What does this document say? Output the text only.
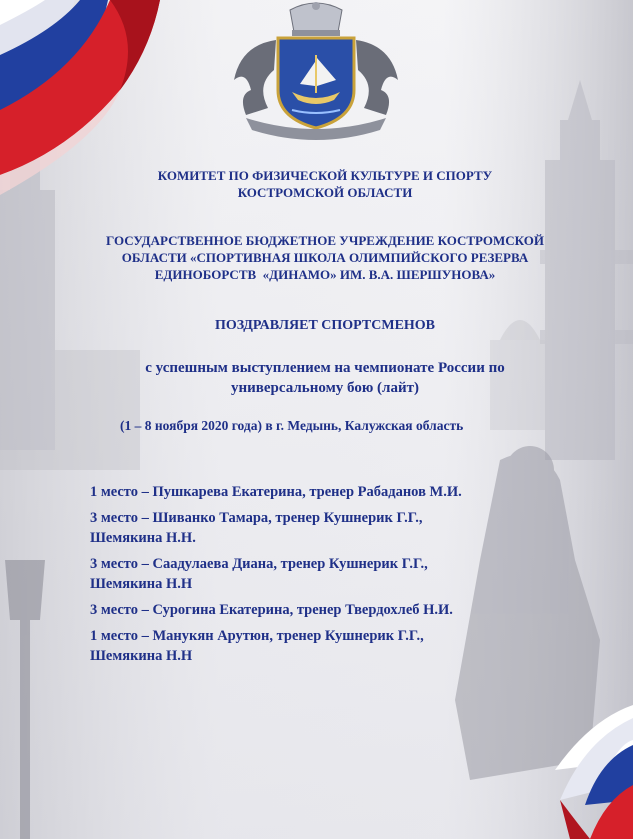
КОМИТЕТ ПО ФИЗИЧЕСКОЙ КУЛЬТУРЕ И СПОРТУ
КОСТРОМСКОЙ ОБЛАСТИ
ГОСУДАРСТВЕННОЕ БЮДЖЕТНОЕ УЧРЕЖДЕНИЕ КОСТРОМСКОЙ
ОБЛАСТИ «СПОРТИВНАЯ ШКОЛА ОЛИМПИЙСКОГО РЕЗЕРВА
ЕДИНОБОРСТВ  «ДИНАМО» ИМ. В.А. ШЕРШУНОВА»
ПОЗДРАВЛЯЕТ СПОРТСМЕНОВ
с успешным выступлением на чемпионате России по
универсальному бою (лайт)
(1 – 8 ноября 2020 года) в г. Медынь, Калужская область
1 место – Пушкарева Екатерина, тренер Рабаданов М.И.
3 место – Шиванко Тамара, тренер Кушнерик Г.Г.,
Шемякина Н.Н.
3 место – Саадулаева Диана, тренер Кушнерик Г.Г.,
Шемякина Н.Н
3 место – Сурогина Екатерина, тренер Твердохлеб Н.И.
1 место – Манукян Арутюн, тренер Кушнерик Г.Г.,
Шемякина Н.Н
